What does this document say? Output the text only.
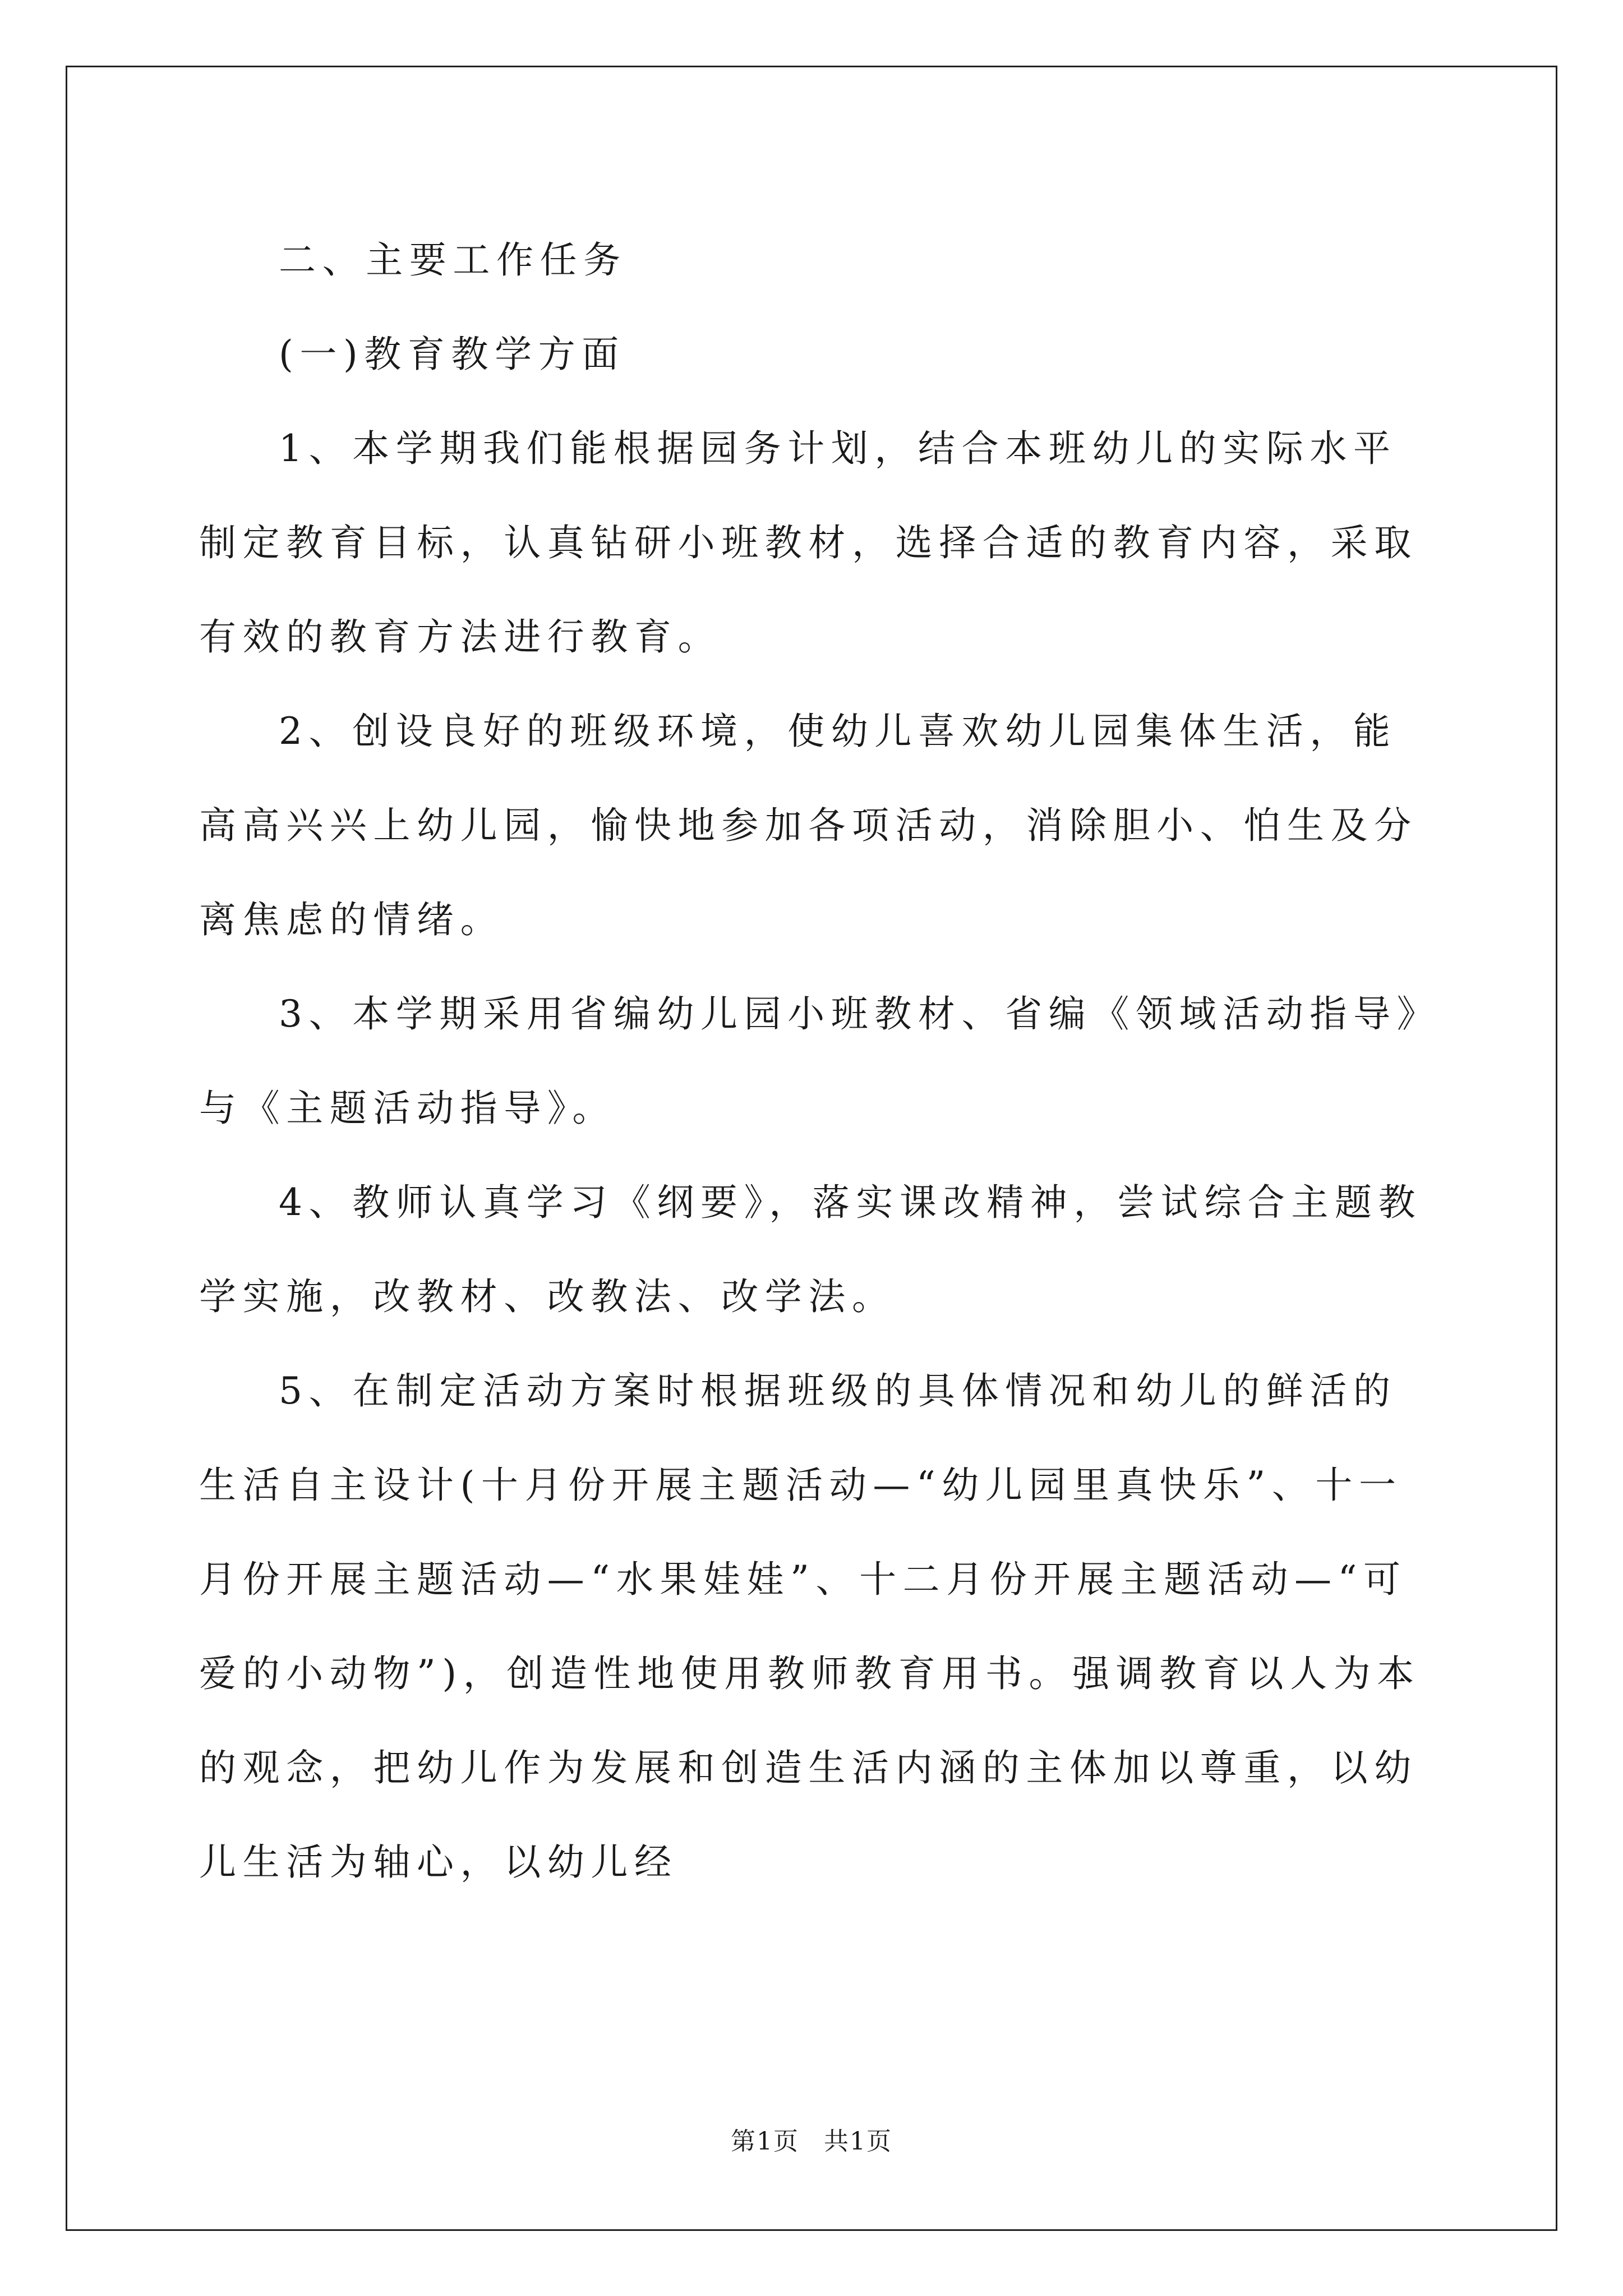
二、主要工作任务

(一)教育教学方面

1、本学期我们能根据园务计划，结合本班幼儿的实际水平制定教育目标，认真钻研小班教材，选择合适的教育内容，采取有效的教育方法进行教育。

2、创设良好的班级环境，使幼儿喜欢幼儿园集体生活，能高高兴兴上幼儿园，愉快地参加各项活动，消除胆小、怕生及分离焦虑的情绪。

3、本学期采用省编幼儿园小班教材、省编《领域活动指导》与《主题活动指导》。

4、教师认真学习《纲要》，落实课改精神，尝试综合主题教学实施，改教材、改教法、改学法。

5、在制定活动方案时根据班级的具体情况和幼儿的鲜活的生活自主设计(十月份开展主题活动—“幼儿园里真快乐”、十一月份开展主题活动—“水果娃娃”、十二月份开展主题活动—“可爱的小动物”)，创造性地使用教师教育用书。强调教育以人为本的观念，把幼儿作为发展和创造生活内涵的主体加以尊重，以幼儿生活为轴心，以幼儿经

第1页 共1页
